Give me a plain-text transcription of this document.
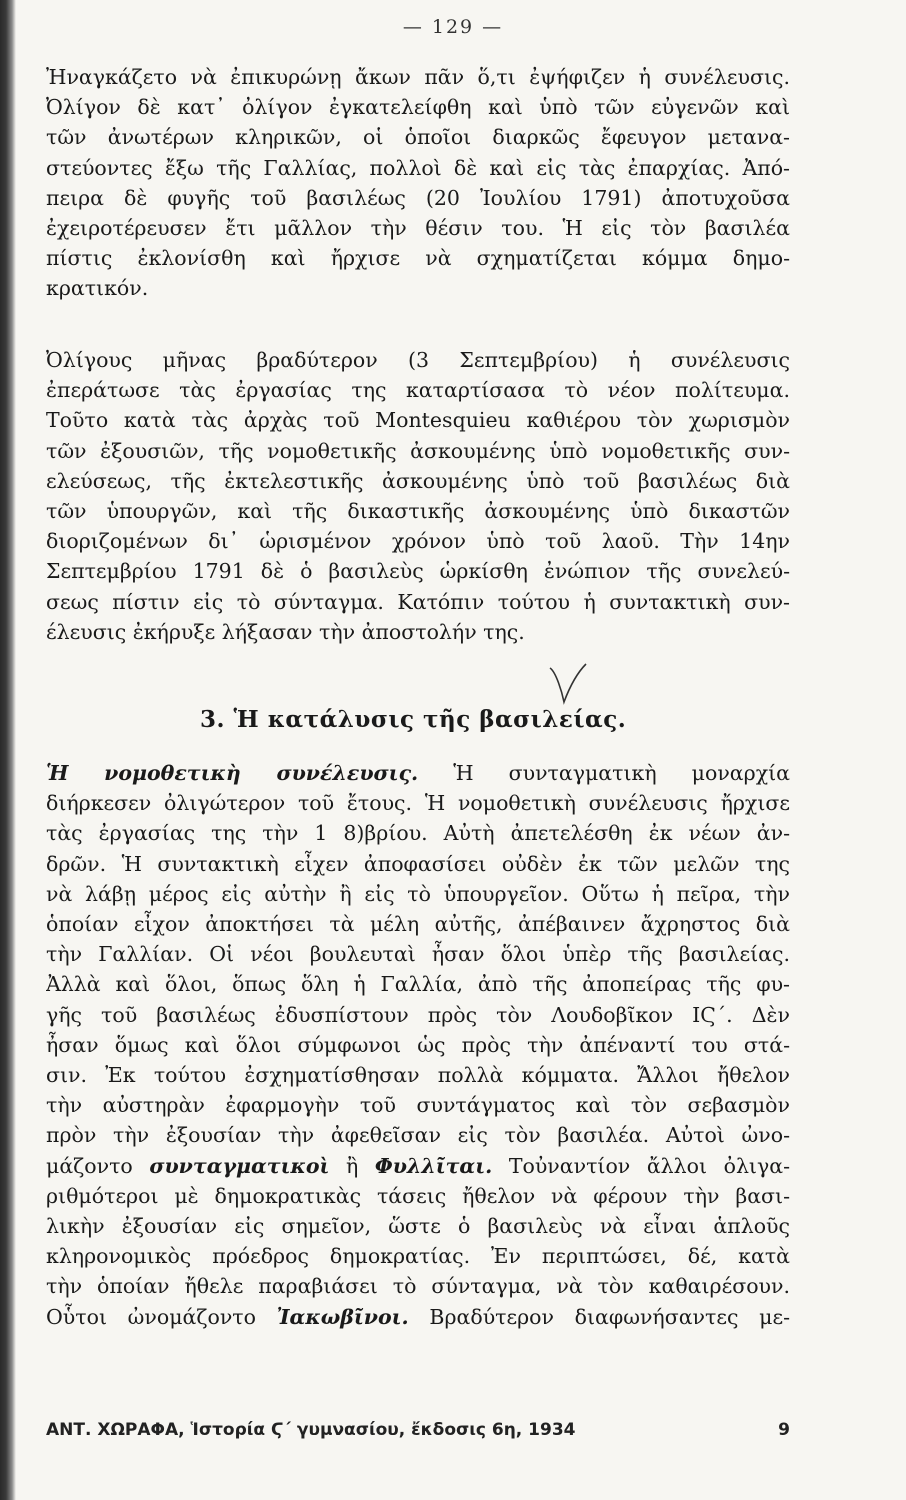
— 129 —
Ἠναγκάζετο νὰ ἐπικυρώνῃ ἄκων πᾶν ὅ,τι ἐψήφιζεν ἡ συνέλευσις.
Ὀλίγον δὲ κατ᾽ ὀλίγον ἐγκατελείφθη καὶ ὑπὸ τῶν εὐγενῶν καὶ
τῶν ἀνωτέρων κληρικῶν, οἱ ὁποῖοι διαρκῶς ἔφευγον μετανα-
στεύοντες ἔξω τῆς Γαλλίας, πολλοὶ δὲ καὶ εἰς τὰς ἐπαρχίας. Ἀπό-
πειρα δὲ φυγῆς τοῦ βασιλέως (20 Ἰουλίου 1791) ἀποτυχοῦσα
ἐχειροτέρευσεν ἔτι μᾶλλον τὴν θέσιν του. Ἡ εἰς τὸν βασιλέα
πίστις ἐκλονίσθη καὶ ἤρχισε νὰ σχηματίζεται κόμμα δημο-
κρατικόν.
Ὀλίγους μῆνας βραδύτερον (3 Σεπτεμβρίου) ἡ συνέλευσις
ἐπεράτωσε τὰς ἐργασίας της καταρτίσασα τὸ νέον πολίτευμα.
Τοῦτο κατὰ τὰς ἀρχὰς τοῦ Montesquieu καθιέρου τὸν χωρισμὸν
τῶν ἐξουσιῶν, τῆς νομοθετικῆς ἀσκουμένης ὑπὸ νομοθετικῆς συν-
ελεύσεως, τῆς ἐκτελεστικῆς ἀσκουμένης ὑπὸ τοῦ βασιλέως διὰ
τῶν ὑπουργῶν, καὶ τῆς δικαστικῆς ἀσκουμένης ὑπὸ δικαστῶν
διοριζομένων δι᾽ ὡρισμένον χρόνον ὑπὸ τοῦ λαοῦ. Τὴν 14ην
Σεπτεμβρίου 1791 δὲ ὁ βασιλεὺς ὡρκίσθη ἐνώπιον τῆς συνελεύ-
σεως πίστιν εἰς τὸ σύνταγμα. Κατόπιν τούτου ἡ συντακτικὴ συν-
έλευσις ἐκήρυξε λήξασαν τὴν ἀποστολήν της.
3. Ἡ κατάλυσις τῆς βασιλείας.
Ἡ νομοθετικὴ συνέλευσις. Ἡ συνταγματικὴ μοναρχία
διήρκεσεν ὀλιγώτερον τοῦ ἔτους. Ἡ νομοθετικὴ συνέλευσις ἤρχισε
τὰς ἐργασίας της τὴν 1 8)βρίου. Αὐτὴ ἀπετελέσθη ἐκ νέων ἀν-
δρῶν. Ἡ συντακτικὴ εἶχεν ἀποφασίσει οὐδὲν ἐκ τῶν μελῶν της
νὰ λάβῃ μέρος εἰς αὐτὴν ἢ εἰς τὸ ὑπουργεῖον. Οὕτω ἡ πεῖρα, τὴν
ὁποίαν εἶχον ἀποκτήσει τὰ μέλη αὐτῆς, ἀπέβαινεν ἄχρηστος διὰ
τὴν Γαλλίαν. Οἱ νέοι βουλευταὶ ἦσαν ὅλοι ὑπὲρ τῆς βασιλείας.
Ἀλλὰ καὶ ὅλοι, ὅπως ὅλη ἡ Γαλλία, ἀπὸ τῆς ἀποπείρας τῆς φυ-
γῆς τοῦ βασιλέως ἐδυσπίστουν πρὸς τὸν Λουδοβῖκον ΙϚ΄. Δὲν
ἦσαν ὅμως καὶ ὅλοι σύμφωνοι ὡς πρὸς τὴν ἀπέναντί του στά-
σιν. Ἐκ τούτου ἐσχηματίσθησαν πολλὰ κόμματα. Ἄλλοι ἤθελον
τὴν αὐστηρὰν ἐφαρμογὴν τοῦ συντάγματος καὶ τὸν σεβασμὸν
πρὸν τὴν ἐξουσίαν τὴν ἀφεθεῖσαν εἰς τὸν βασιλέα. Αὐτοὶ ὠνο-
μάζοντο συνταγματικοὶ ἢ Φυλλῖται. Τοὐναντίον ἄλλοι ὀλιγα-
ριθμότεροι μὲ δημοκρατικὰς τάσεις ἤθελον νὰ φέρουν τὴν βασι-
λικὴν ἐξουσίαν εἰς σημεῖον, ὥστε ὁ βασιλεὺς νὰ εἶναι ἁπλοῦς
κληρονομικὸς πρόεδρος δημοκρατίας. Ἐν περιπτώσει, δέ, κατὰ
τὴν ὁποίαν ἤθελε παραβιάσει τὸ σύνταγμα, νὰ τὸν καθαιρέσουν.
Οὗτοι ὠνομάζοντο Ἰακωβῖνοι. Βραδύτερον διαφωνήσαντες με-
ΑΝΤ. ΧΩΡΑΦΑ, Ἱστορία Ϛ΄ γυμνασίου, ἔκδοσις 6η, 1934	9
